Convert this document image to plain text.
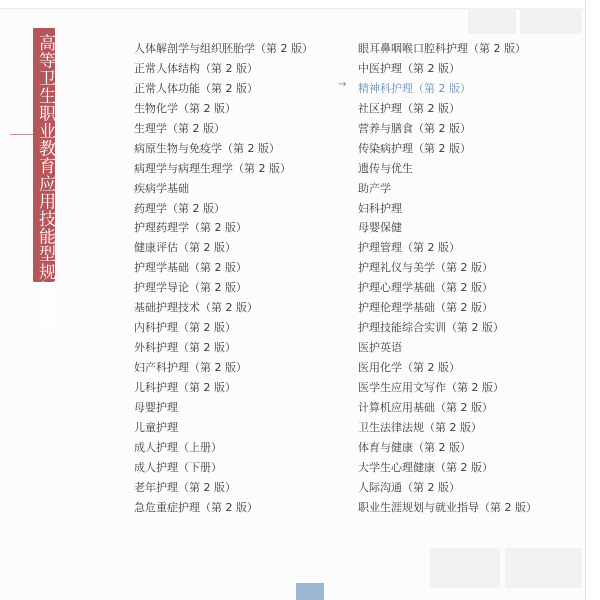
高等卫生职业教育应用技能型规划教材	人体解剖学与组织胚胎学（第 2 版）
正常人体结构（第 2 版）
正常人体功能（第 2 版）
生物化学（第 2 版）
生理学（第 2 版）
病原生物与免疫学（第 2 版）
病理学与病理生理学（第 2 版）
疾病学基础
药理学（第 2 版）
护理药理学（第 2 版）
健康评估（第 2 版）
护理学基础（第 2 版）
护理学导论（第 2 版）
基础护理技术（第 2 版）
内科护理（第 2 版）
外科护理（第 2 版）
妇产科护理（第 2 版）
儿科护理（第 2 版）
母婴护理
儿童护理
成人护理（上册）
成人护理（下册）
老年护理（第 2 版）
急危重症护理（第 2 版）
眼耳鼻咽喉口腔科护理（第 2 版）
中医护理（第 2 版）
精神科护理（第 2 版）
社区护理（第 2 版）
营养与膳食（第 2 版）
传染病护理（第 2 版）
遗传与优生
助产学
妇科护理
母婴保健
护理管理（第 2 版）
护理礼仪与美学（第 2 版）
护理心理学基础（第 2 版）
护理伦理学基础（第 2 版）
护理技能综合实训（第 2 版）
医护英语
医用化学（第 2 版）
医学生应用文写作（第 2 版）
计算机应用基础（第 2 版）
卫生法律法规（第 2 版）
体育与健康（第 2 版）
大学生心理健康（第 2 版）
人际沟通（第 2 版）
职业生涯规划与就业指导（第 2 版）
→
